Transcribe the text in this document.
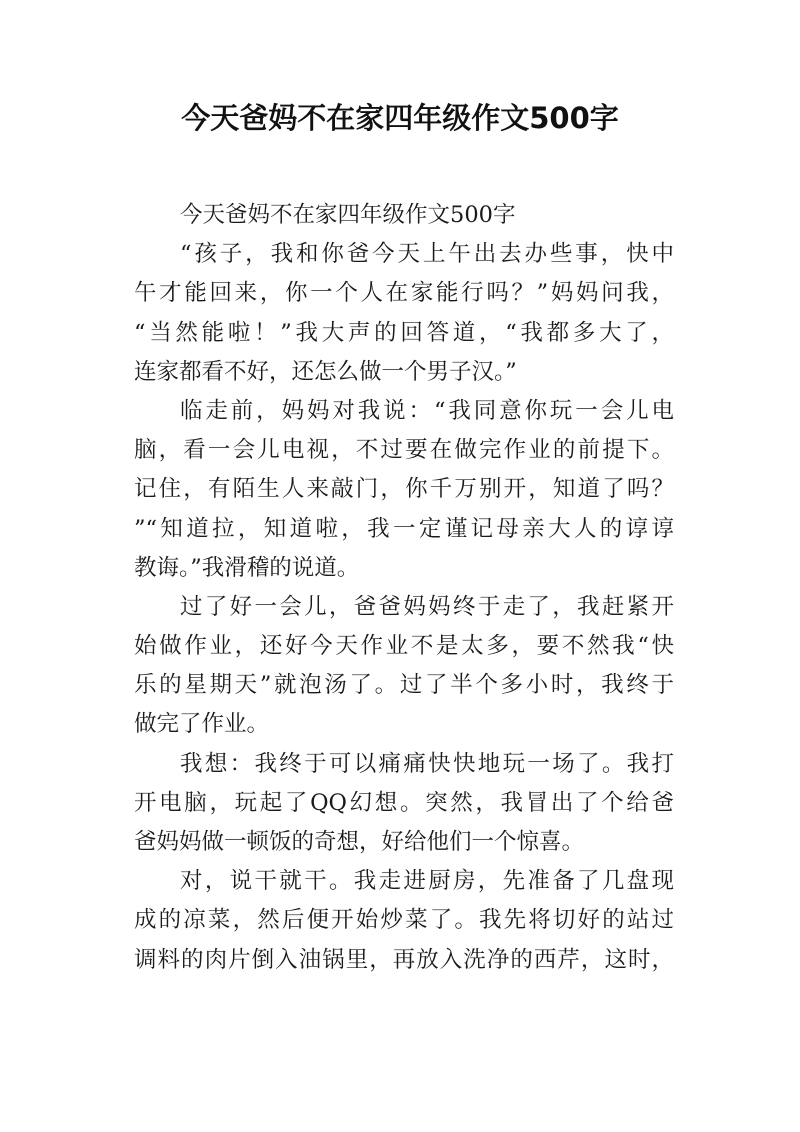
今天爸妈不在家四年级作文500字
今天爸妈不在家四年级作文500字
“孩子，我和你爸今天上午出去办些事，快中
午才能回来，你一个人在家能行吗？”妈妈问我，
“当然能啦！”我大声的回答道，“我都多大了，
连家都看不好，还怎么做一个男子汉。”
临走前，妈妈对我说：“我同意你玩一会儿电
脑，看一会儿电视，不过要在做完作业的前提下。
记住，有陌生人来敲门，你千万别开，知道了吗？
”“知道拉，知道啦，我一定谨记母亲大人的谆谆
教诲。”我滑稽的说道。
过了好一会儿，爸爸妈妈终于走了，我赶紧开
始做作业，还好今天作业不是太多，要不然我“快
乐的星期天”就泡汤了。过了半个多小时，我终于
做完了作业。
我想：我终于可以痛痛快快地玩一场了。我打
开电脑，玩起了QQ幻想。突然，我冒出了个给爸
爸妈妈做一顿饭的奇想，好给他们一个惊喜。
对，说干就干。我走进厨房，先准备了几盘现
成的凉菜，然后便开始炒菜了。我先将切好的站过
调料的肉片倒入油锅里，再放入洗净的西芹，这时，
